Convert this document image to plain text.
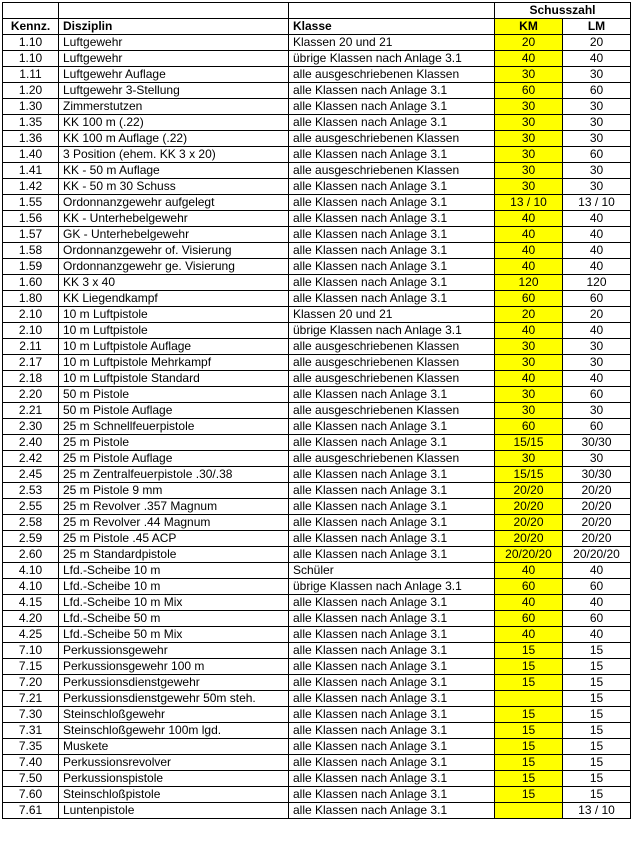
			Schusszahl	
Kennz.	Disziplin	Klasse	KM	LM
1.10	Luftgewehr	Klassen 20 und 21	20	20
1.10	Luftgewehr	übrige Klassen nach Anlage 3.1	40	40
1.11	Luftgewehr Auflage	alle ausgeschriebenen Klassen	30	30
1.20	Luftgewehr 3-Stellung	alle Klassen nach Anlage 3.1	60	60
1.30	Zimmerstutzen	alle Klassen nach Anlage 3.1	30	30
1.35	KK 100 m (.22)	alle Klassen nach Anlage 3.1	30	30
1.36	KK 100 m Auflage (.22)	alle ausgeschriebenen Klassen	30	30
1.40	3 Position (ehem. KK 3 x 20)	alle Klassen nach Anlage 3.1	30	60
1.41	KK - 50 m Auflage	alle ausgeschriebenen Klassen	30	30
1.42	KK - 50 m 30 Schuss	alle Klassen nach Anlage 3.1	30	30
1.55	Ordonnanzgewehr aufgelegt	alle Klassen nach Anlage 3.1	13 / 10	13 / 10
1.56	KK - Unterhebelgewehr	alle Klassen nach Anlage 3.1	40	40
1.57	GK - Unterhebelgewehr	alle Klassen nach Anlage 3.1	40	40
1.58	Ordonnanzgewehr of. Visierung	alle Klassen nach Anlage 3.1	40	40
1.59	Ordonnanzgewehr ge. Visierung	alle Klassen nach Anlage 3.1	40	40
1.60	KK 3 x 40	alle Klassen nach Anlage 3.1	120	120
1.80	KK Liegendkampf	alle Klassen nach Anlage 3.1	60	60
2.10	10 m Luftpistole	Klassen 20 und 21	20	20
2.10	10 m Luftpistole	übrige Klassen nach Anlage 3.1	40	40
2.11	10 m Luftpistole Auflage	alle ausgeschriebenen Klassen	30	30
2.17	10 m Luftpistole Mehrkampf	alle ausgeschriebenen Klassen	30	30
2.18	10 m Luftpistole Standard	alle ausgeschriebenen Klassen	40	40
2.20	50 m Pistole	alle Klassen nach Anlage 3.1	30	60
2.21	50 m Pistole Auflage	alle ausgeschriebenen Klassen	30	30
2.30	25 m Schnellfeuerpistole	alle Klassen nach Anlage 3.1	60	60
2.40	25 m Pistole	alle Klassen nach Anlage 3.1	15/15	30/30
2.42	25 m Pistole Auflage	alle ausgeschriebenen Klassen	30	30
2.45	25 m Zentralfeuerpistole .30/.38	alle Klassen nach Anlage 3.1	15/15	30/30
2.53	25 m Pistole 9 mm	alle Klassen nach Anlage 3.1	20/20	20/20
2.55	25 m Revolver .357 Magnum	alle Klassen nach Anlage 3.1	20/20	20/20
2.58	25 m Revolver .44 Magnum	alle Klassen nach Anlage 3.1	20/20	20/20
2.59	25 m Pistole .45 ACP	alle Klassen nach Anlage 3.1	20/20	20/20
2.60	25 m Standardpistole	alle Klassen nach Anlage 3.1	20/20/20	20/20/20
4.10	Lfd.-Scheibe 10 m	Schüler	40	40
4.10	Lfd.-Scheibe 10 m	übrige Klassen nach Anlage 3.1	60	60
4.15	Lfd.-Scheibe 10 m Mix	alle Klassen nach Anlage 3.1	40	40
4.20	Lfd.-Scheibe 50 m	alle Klassen nach Anlage 3.1	60	60
4.25	Lfd.-Scheibe 50 m Mix	alle Klassen nach Anlage 3.1	40	40
7.10	Perkussionsgewehr	alle Klassen nach Anlage 3.1	15	15
7.15	Perkussionsgewehr 100 m	alle Klassen nach Anlage 3.1	15	15
7.20	Perkussionsdienstgewehr	alle Klassen nach Anlage 3.1	15	15
7.21	Perkussionsdienstgewehr 50m steh.	alle Klassen nach Anlage 3.1		15
7.30	Steinschloßgewehr	alle Klassen nach Anlage 3.1	15	15
7.31	Steinschloßgewehr 100m lgd.	alle Klassen nach Anlage 3.1	15	15
7.35	Muskete	alle Klassen nach Anlage 3.1	15	15
7.40	Perkussionsrevolver	alle Klassen nach Anlage 3.1	15	15
7.50	Perkussionspistole	alle Klassen nach Anlage 3.1	15	15
7.60	Steinschloßpistole	alle Klassen nach Anlage 3.1	15	15
7.61	Luntenpistole	alle Klassen nach Anlage 3.1		13 / 10
